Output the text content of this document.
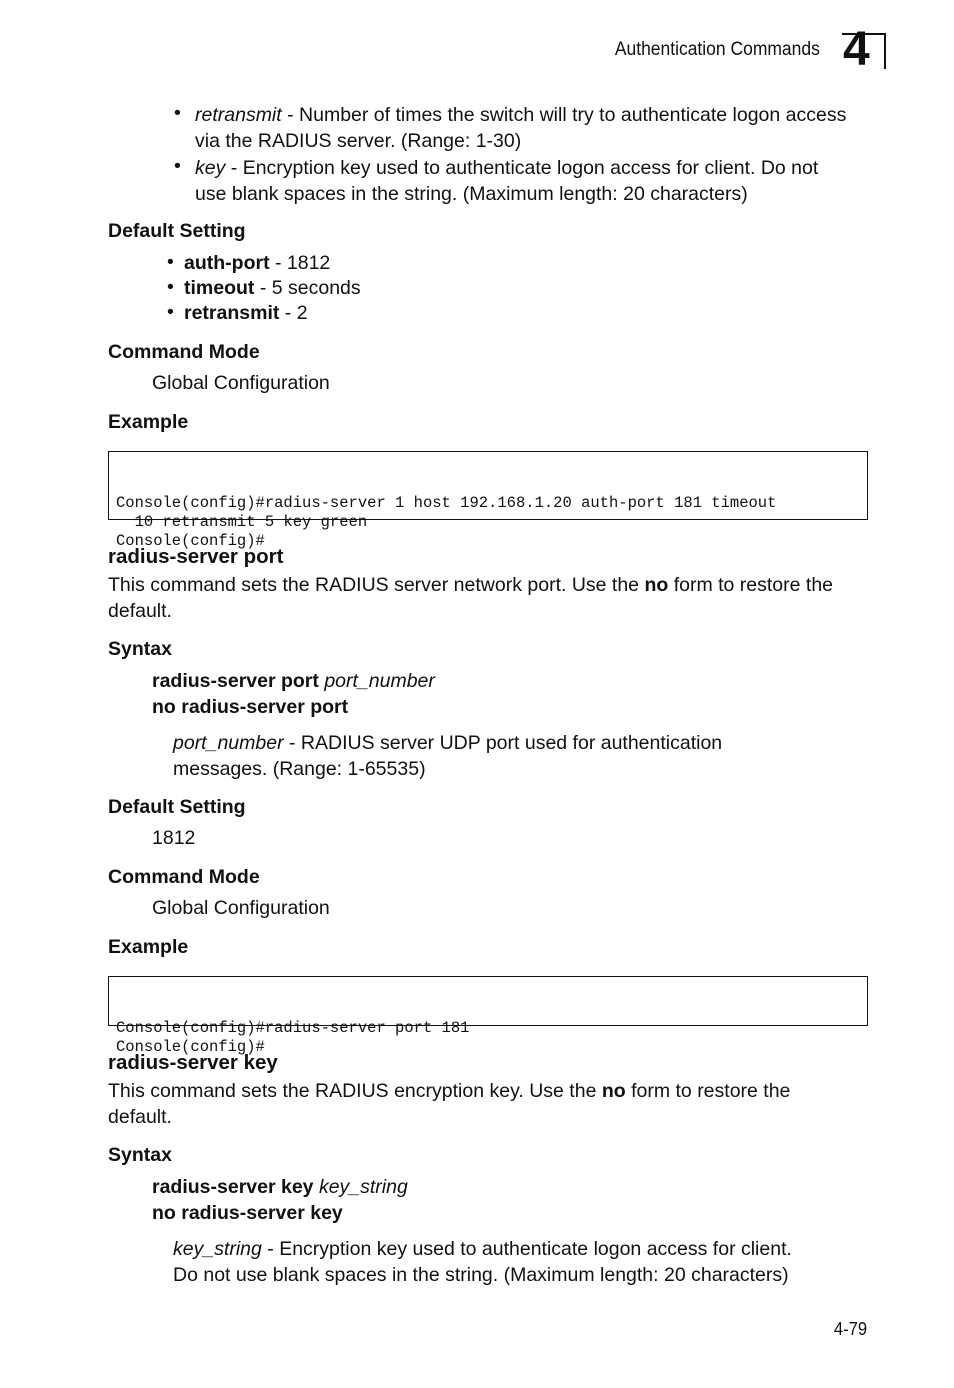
Authentication Commands 4
• retransmit - Number of times the switch will try to authenticate logon access
via the RADIUS server. (Range: 1-30)
• key - Encryption key used to authenticate logon access for client. Do not
use blank spaces in the string. (Maximum length: 20 characters)
Default Setting
• auth-port - 1812
• timeout - 5 seconds
• retransmit - 2
Command Mode
Global Configuration
Example

Console(config)#radius-server 1 host 192.168.1.20 auth-port 181 timeout
10 retransmit 5 key green
Console(config)#

radius-server port
This command sets the RADIUS server network port. Use the no form to restore the
default.
Syntax
radius-server port port_number
no radius-server port
port_number - RADIUS server UDP port used for authentication
messages. (Range: 1-65535)
Default Setting
1812
Command Mode
Global Configuration
Example

Console(config)#radius-server port 181
Console(config)#

radius-server key
This command sets the RADIUS encryption key. Use the no form to restore the
default.
Syntax
radius-server key key_string
no radius-server key
key_string - Encryption key used to authenticate logon access for client.
Do not use blank spaces in the string. (Maximum length: 20 characters)
4-79
